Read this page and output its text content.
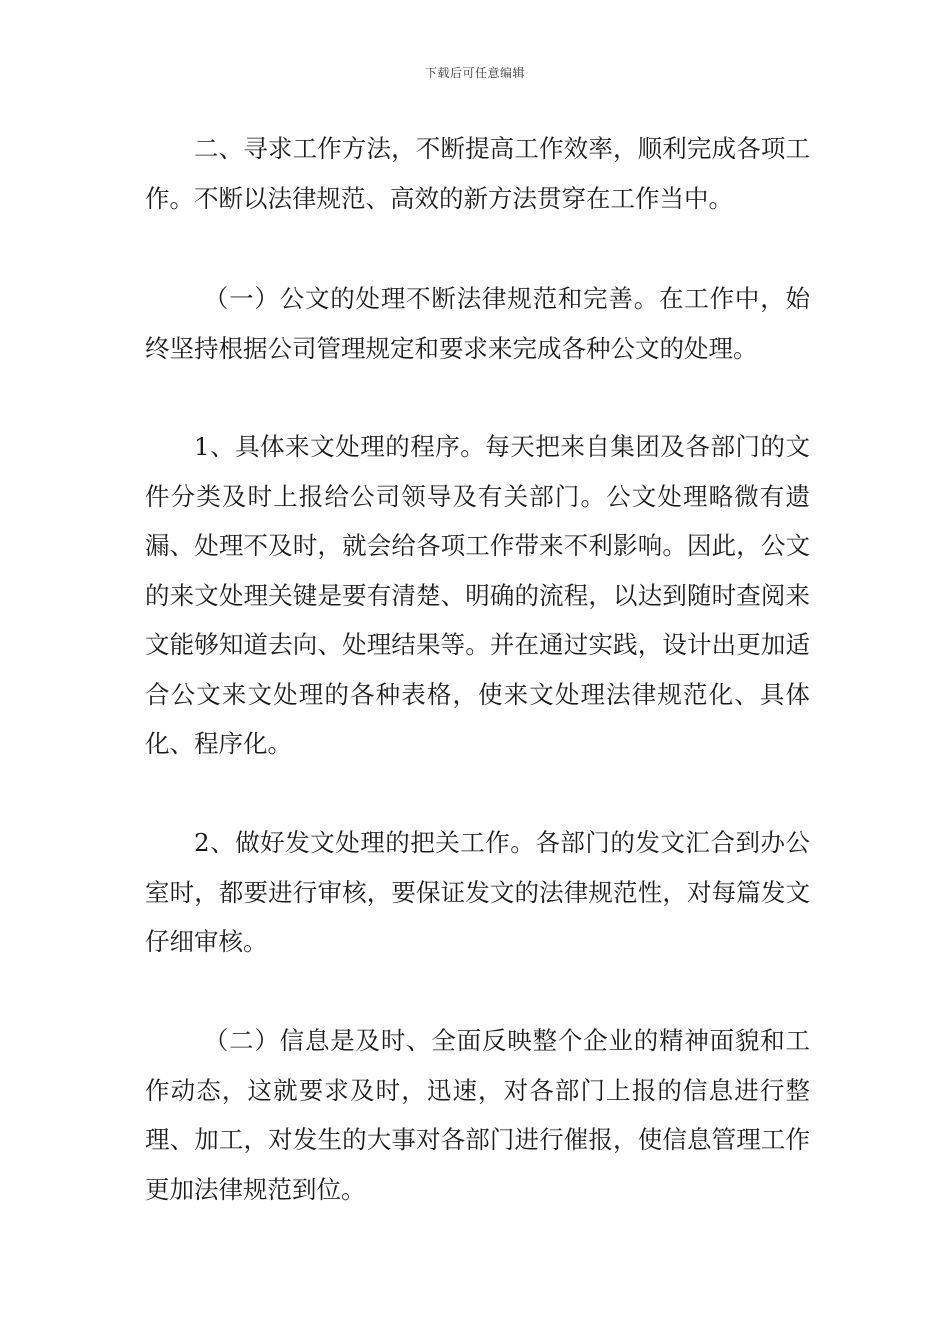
下载后可任意编辑

二、寻求工作方法，不断提高工作效率，顺利完成各项工作。不断以法律规范、高效的新方法贯穿在工作当中。

（一）公文的处理不断法律规范和完善。在工作中，始终坚持根据公司管理规定和要求来完成各种公文的处理。

1、具体来文处理的程序。每天把来自集团及各部门的文件分类及时上报给公司领导及有关部门。公文处理略微有遗漏、处理不及时，就会给各项工作带来不利影响。因此，公文的来文处理关键是要有清楚、明确的流程，以达到随时查阅来文能够知道去向、处理结果等。并在通过实践，设计出更加适合公文来文处理的各种表格，使来文处理法律规范化、具体化、程序化。

2、做好发文处理的把关工作。各部门的发文汇合到办公室时，都要进行审核，要保证发文的法律规范性，对每篇发文仔细审核。

（二）信息是及时、全面反映整个企业的精神面貌和工作动态，这就要求及时，迅速，对各部门上报的信息进行整理、加工，对发生的大事对各部门进行催报，使信息管理工作更加法律规范到位。
